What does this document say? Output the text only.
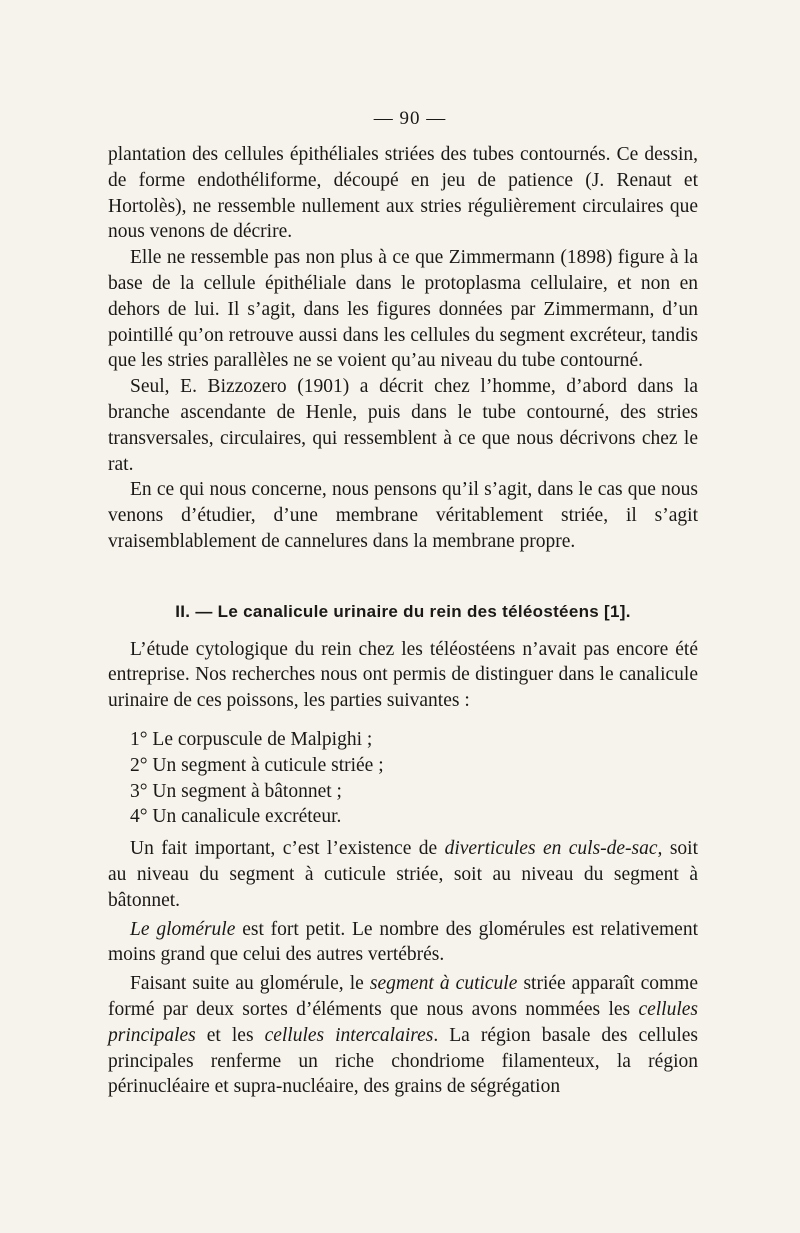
— 90 —

plantation des cellules épithéliales striées des tubes contournés. Ce dessin, de forme endothéliforme, découpé en jeu de patience (J. Renaut et Hortolès), ne ressemble nullement aux stries régulièrement circulaires que nous venons de décrire.

Elle ne ressemble pas non plus à ce que Zimmermann (1898) figure à la base de la cellule épithéliale dans le protoplasma cellulaire, et non en dehors de lui. Il s’agit, dans les figures données par Zimmermann, d’un pointillé qu’on retrouve aussi dans les cellules du segment excréteur, tandis que les stries parallèles ne se voient qu’au niveau du tube contourné.

Seul, E. Bizzozero (1901) a décrit chez l’homme, d’abord dans la branche ascendante de Henle, puis dans le tube contourné, des stries transversales, circulaires, qui ressemblent à ce que nous décrivons chez le rat.

En ce qui nous concerne, nous pensons qu’il s’agit, dans le cas que nous venons d’étudier, d’une membrane véritablement striée, il s’agit vraisemblablement de cannelures dans la membrane propre.

II. — Le canalicule urinaire du rein des téléostéens [1].

L’étude cytologique du rein chez les téléostéens n’avait pas encore été entreprise. Nos recherches nous ont permis de distinguer dans le canalicule urinaire de ces poissons, les parties suivantes :

1° Le corpuscule de Malpighi ;
2° Un segment à cuticule striée ;
3° Un segment à bâtonnet ;
4° Un canalicule excréteur.

Un fait important, c’est l’existence de diverticules en culs-de-sac, soit au niveau du segment à cuticule striée, soit au niveau du segment à bâtonnet.

Le glomérule est fort petit. Le nombre des glomérules est relativement moins grand que celui des autres vertébrés.

Faisant suite au glomérule, le segment à cuticule striée apparaît comme formé par deux sortes d’éléments que nous avons nommées les cellules principales et les cellules intercalaires. La région basale des cellules principales renferme un riche chondriome filamenteux, la région périnucléaire et supra-nucléaire, des grains de ségrégation
